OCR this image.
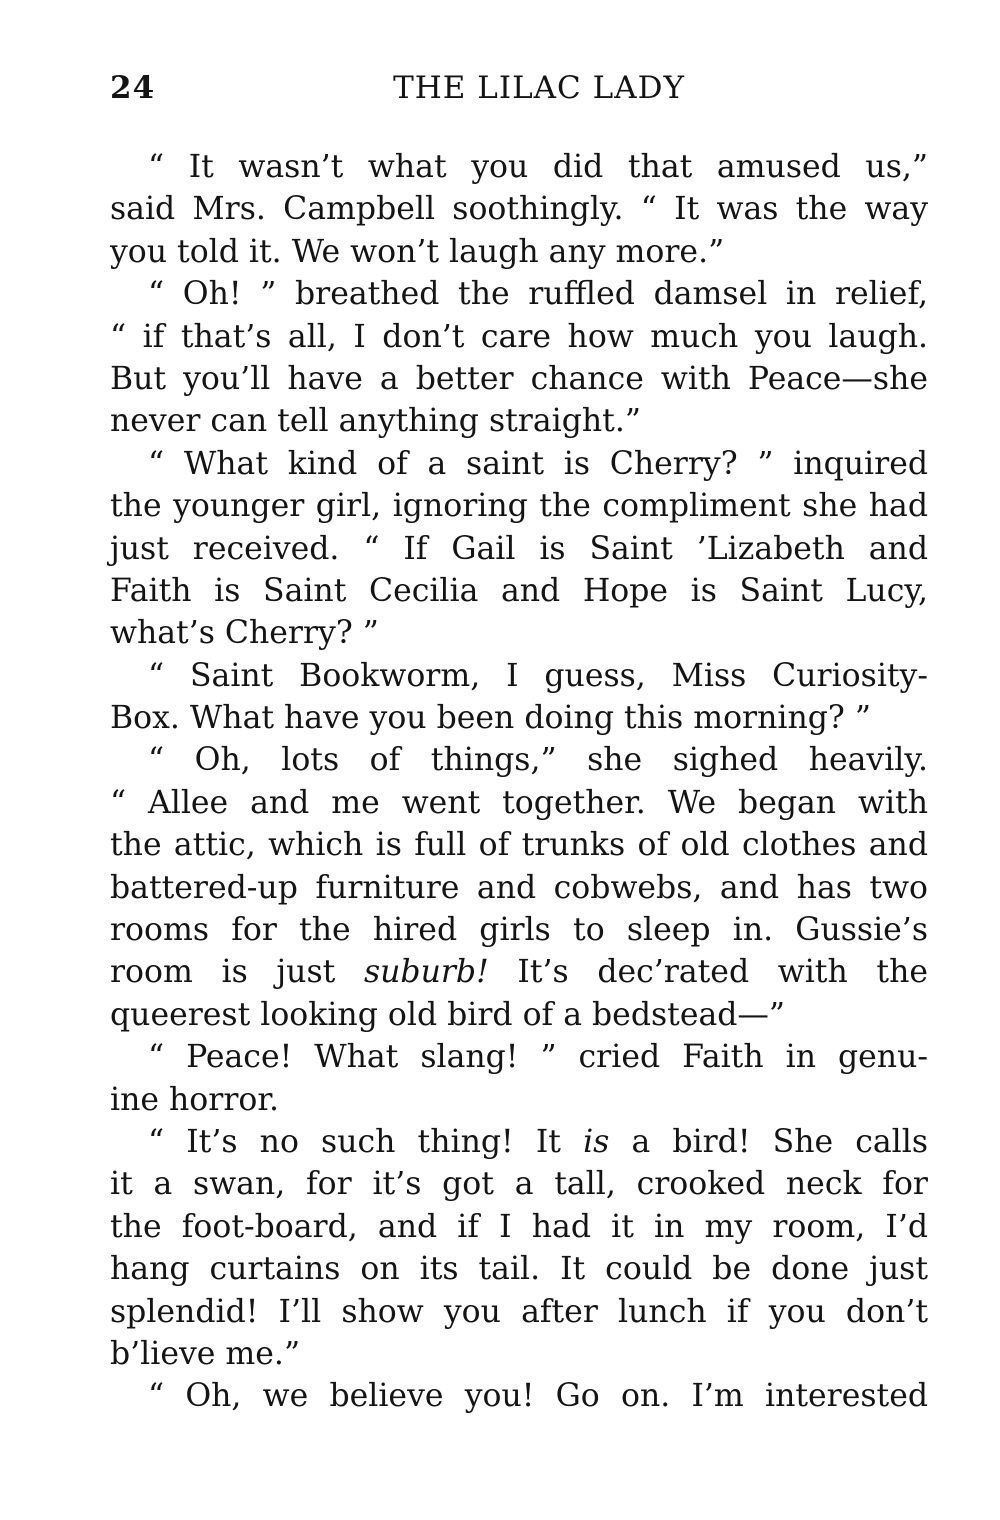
24	THE LILAC LADY
“ It wasn’t what you did that amused us,”
said Mrs. Campbell soothingly. “ It was the way
you told it. We won’t laugh any more.”
“ Oh! ” breathed the ruffled damsel in relief,
“ if that’s all, I don’t care how much you laugh.
But you’ll have a better chance with Peace—she
never can tell anything straight.”
“ What kind of a saint is Cherry? ” inquired
the younger girl, ignoring the compliment she had
just received. “ If Gail is Saint ’Lizabeth and
Faith is Saint Cecilia and Hope is Saint Lucy,
what’s Cherry? ”
“ Saint Bookworm, I guess, Miss Curiosity-
Box. What have you been doing this morning? ”
“ Oh, lots of things,” she sighed heavily.
“ Allee and me went together. We began with
the attic, which is full of trunks of old clothes and
battered-up furniture and cobwebs, and has two
rooms for the hired girls to sleep in. Gussie’s
room is just suburb! It’s dec’rated with the
queerest looking old bird of a bedstead—”
“ Peace! What slang! ” cried Faith in genu-
ine horror.
“ It’s no such thing! It is a bird! She calls
it a swan, for it’s got a tall, crooked neck for
the foot-board, and if I had it in my room, I’d
hang curtains on its tail. It could be done just
splendid! I’ll show you after lunch if you don’t
b’lieve me.”
“ Oh, we believe you! Go on. I’m interested
